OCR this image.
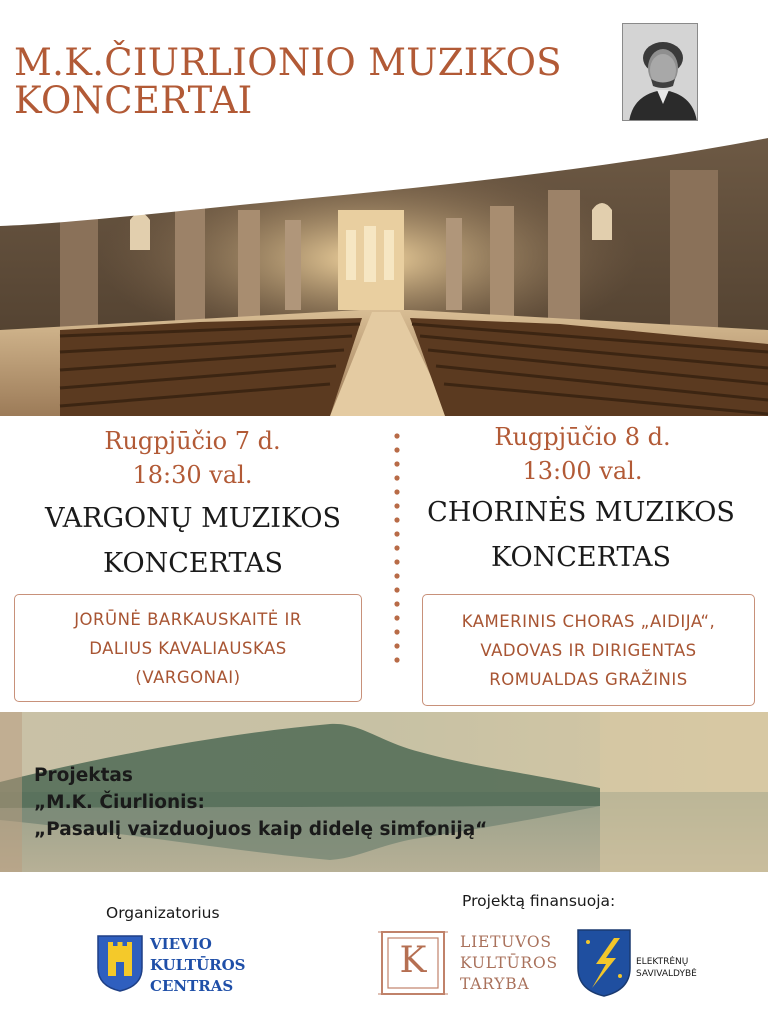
M.K.ČIURLIONIO MUZIKOS
KONCERTAI
Rugpjūčio 7 d.
18:30 val.
VARGONŲ MUZIKOS
KONCERTAS
JORŪNĖ BARKAUSKAITĖ IR
DALIUS KAVALIAUSKAS
(VARGONAI)
Rugpjūčio 8 d.
13:00 val.
CHORINĖS MUZIKOS
KONCERTAS
KAMERINIS CHORAS „AIDIJA“,
VADOVAS IR DIRIGENTAS
ROMUALDAS GRAŽINIS
Projektas
„M.K. Čiurlionis:
„Pasaulį vaizduojuos kaip didelę simfoniją“
Organizatorius
VIEVIO
KULTŪROS
CENTRAS
Projektą finansuoja:
K	LIETUVOS
KULTŪROS
TARYBA
ELEKTRĖNŲ
SAVIVALDYBĖ
